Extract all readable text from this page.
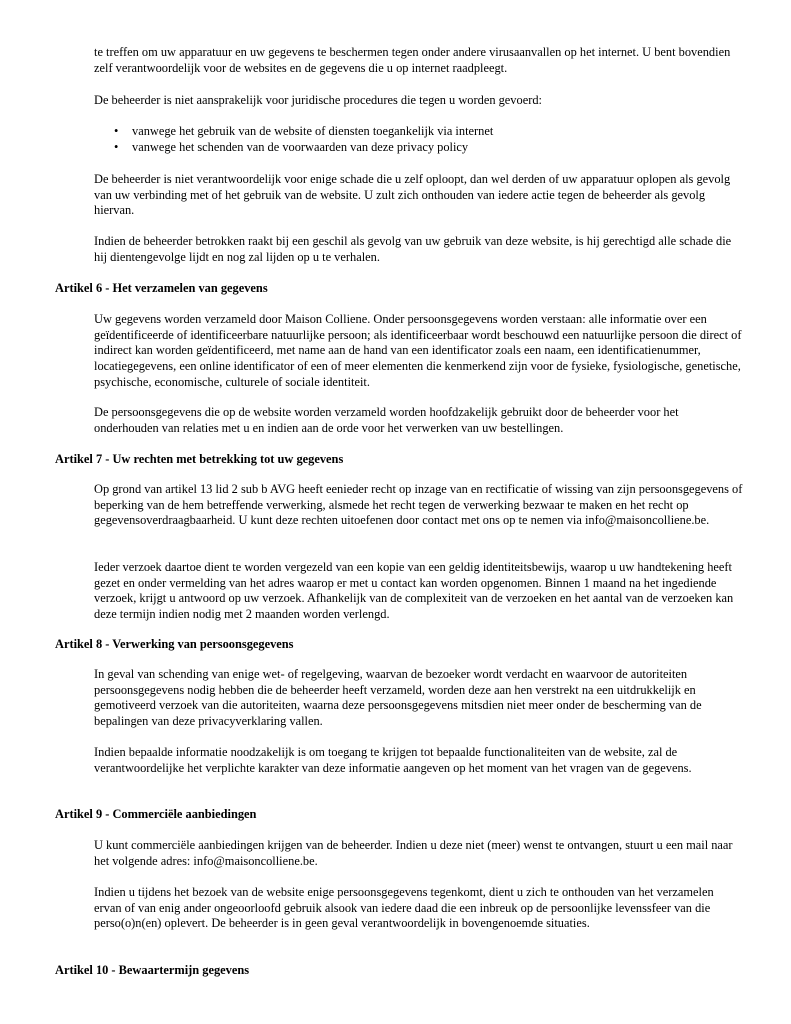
te treffen om uw apparatuur en uw gegevens te beschermen tegen onder andere virusaanvallen op het internet. U bent bovendien zelf verantwoordelijk voor de websites en de gegevens die u op internet raadpleegt.

De beheerder is niet aansprakelijk voor juridische procedures die tegen u worden gevoerd:

• vanwege het gebruik van de website of diensten toegankelijk via internet
• vanwege het schenden van de voorwaarden van deze privacy policy

De beheerder is niet verantwoordelijk voor enige schade die u zelf oploopt, dan wel derden of uw apparatuur oplopen als gevolg van uw verbinding met of het gebruik van de website. U zult zich onthouden van iedere actie tegen de beheerder als gevolg hiervan.

Indien de beheerder betrokken raakt bij een geschil als gevolg van uw gebruik van deze website, is hij gerechtigd alle schade die hij dientengevolge lijdt en nog zal lijden op u te verhalen.

Artikel 6 - Het verzamelen van gegevens

Uw gegevens worden verzameld door Maison Colliene. Onder persoonsgegevens worden verstaan: alle informatie over een geïdentificeerde of identificeerbare natuurlijke persoon; als identificeerbaar wordt beschouwd een natuurlijke persoon die direct of indirect kan worden geïdentificeerd, met name aan de hand van een identificator zoals een naam, een identificatienummer, locatiegegevens, een online identificator of een of meer elementen die kenmerkend zijn voor de fysieke, fysiologische, genetische, psychische, economische, culturele of sociale identiteit.

De persoonsgegevens die op de website worden verzameld worden hoofdzakelijk gebruikt door de beheerder voor het onderhouden van relaties met u en indien aan de orde voor het verwerken van uw bestellingen.

Artikel 7 - Uw rechten met betrekking tot uw gegevens

Op grond van artikel 13 lid 2 sub b AVG heeft eenieder recht op inzage van en rectificatie of wissing van zijn persoonsgegevens of beperking van de hem betreffende verwerking, alsmede het recht tegen de verwerking bezwaar te maken en het recht op gegevensoverdraagbaarheid. U kunt deze rechten uitoefenen door contact met ons op te nemen via info@maisoncolliene.be.

Ieder verzoek daartoe dient te worden vergezeld van een kopie van een geldig identiteitsbewijs, waarop u uw handtekening heeft gezet en onder vermelding van het adres waarop er met u contact kan worden opgenomen. Binnen 1 maand na het ingediende verzoek, krijgt u antwoord op uw verzoek. Afhankelijk van de complexiteit van de verzoeken en het aantal van de verzoeken kan deze termijn indien nodig met 2 maanden worden verlengd.

Artikel 8 - Verwerking van persoonsgegevens

In geval van schending van enige wet- of regelgeving, waarvan de bezoeker wordt verdacht en waarvoor de autoriteiten persoonsgegevens nodig hebben die de beheerder heeft verzameld, worden deze aan hen verstrekt na een uitdrukkelijk en gemotiveerd verzoek van die autoriteiten, waarna deze persoonsgegevens mitsdien niet meer onder de bescherming van de bepalingen van deze privacyverklaring vallen.

Indien bepaalde informatie noodzakelijk is om toegang te krijgen tot bepaalde functionaliteiten van de website, zal de verantwoordelijke het verplichte karakter van deze informatie aangeven op het moment van het vragen van de gegevens.

Artikel 9 - Commerciële aanbiedingen

U kunt commerciële aanbiedingen krijgen van de beheerder. Indien u deze niet (meer) wenst te ontvangen, stuurt u een mail naar het volgende adres: info@maisoncolliene.be.

Indien u tijdens het bezoek van de website enige persoonsgegevens tegenkomt, dient u zich te onthouden van het verzamelen ervan of van enig ander ongeoorloofd gebruik alsook van iedere daad die een inbreuk op de persoonlijke levenssfeer van die perso(o)n(en) oplevert. De beheerder is in geen geval verantwoordelijk in bovengenoemde situaties.

Artikel 10 - Bewaartermijn gegevens
